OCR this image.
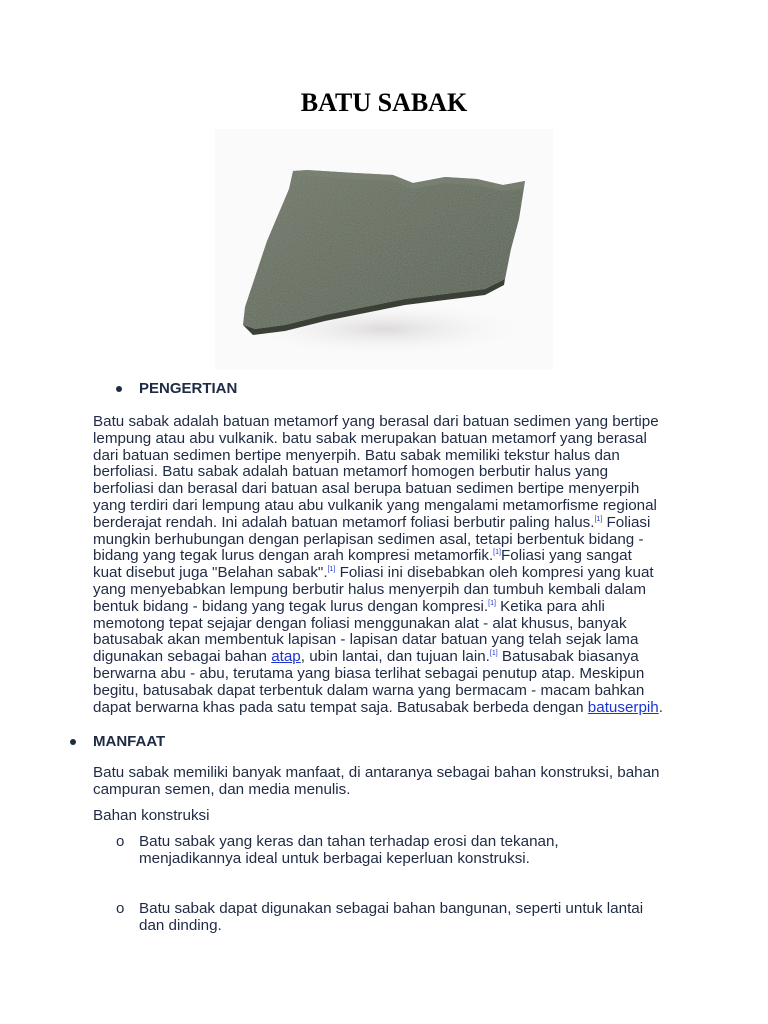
BATU SABAK
PENGERTIAN
Batu sabak adalah batuan metamorf yang berasal dari batuan sedimen yang bertipe
lempung atau abu vulkanik. batu sabak merupakan batuan metamorf yang berasal
dari batuan sedimen bertipe menyerpih. Batu sabak memiliki tekstur halus dan
berfoliasi. Batu sabak adalah batuan metamorf homogen berbutir halus yang
berfoliasi dan berasal dari batuan asal berupa batuan sedimen bertipe menyerpih
yang terdiri dari lempung atau abu vulkanik yang mengalami metamorfisme regional
berderajat rendah. Ini adalah batuan metamorf foliasi berbutir paling halus.[1] Foliasi
mungkin berhubungan dengan perlapisan sedimen asal, tetapi berbentuk bidang -
bidang yang tegak lurus dengan arah kompresi metamorfik.[1]Foliasi yang sangat
kuat disebut juga "Belahan sabak".[1] Foliasi ini disebabkan oleh kompresi yang kuat
yang menyebabkan lempung berbutir halus menyerpih dan tumbuh kembali dalam
bentuk bidang - bidang yang tegak lurus dengan kompresi.[1] Ketika para ahli
memotong tepat sejajar dengan foliasi menggunakan alat - alat khusus, banyak
batusabak akan membentuk lapisan - lapisan datar batuan yang telah sejak lama
digunakan sebagai bahan atap, ubin lantai, dan tujuan lain.[1] Batusabak biasanya
berwarna abu - abu, terutama yang biasa terlihat sebagai penutup atap. Meskipun
begitu, batusabak dapat terbentuk dalam warna yang bermacam - macam bahkan
dapat berwarna khas pada satu tempat saja. Batusabak berbeda dengan batuserpih.
MANFAAT
Batu sabak memiliki banyak manfaat, di antaranya sebagai bahan konstruksi, bahan
campuran semen, dan media menulis.
Bahan konstruksi
o Batu sabak yang keras dan tahan terhadap erosi dan tekanan,
menjadikannya ideal untuk berbagai keperluan konstruksi.
o Batu sabak dapat digunakan sebagai bahan bangunan, seperti untuk lantai
dan dinding.
